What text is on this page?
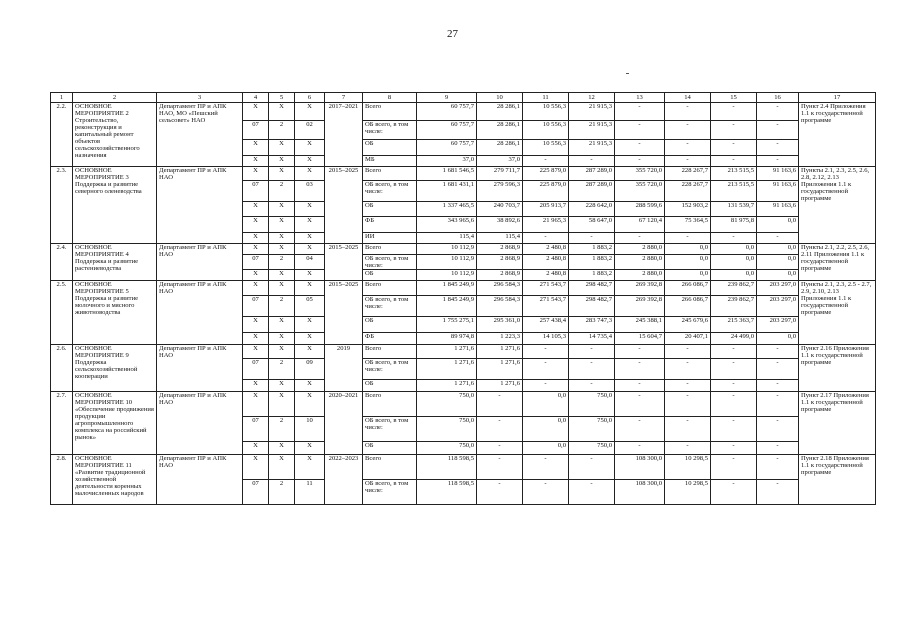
27
1	2	3	4	5	6	7	8	9	10	11	12	13	14	15	16	17
2.2.	ОСНОВНОЕ МЕРОПРИЯТИЕ 2 Строительство, реконструкция и капитальный ремонт объектов сельскохозяйственного назначения	Департамент ПР и АПК НАО, МО «Пешский сельсовет» НАО	Х	Х	Х	2017–2021	Всего	60 757,7	28 286,1	10 556,3	21 915,3	-	-	-	-	Пункт 2.4 Приложения 1.1 к государственной программе
			07	2	02		ОБ всего, в том числе:	60 757,7	28 286,1	10 556,3	21 915,3	-	-	-	-	
			Х	Х	Х		ОБ	60 757,7	28 286,1	10 556,3	21 915,3	-	-	-	-	
			Х	Х	Х		МБ	37,0	37,0	-	-	-	-	-	-	
2.3.	ОСНОВНОЕ МЕРОПРИЯТИЕ 3 Поддержка и развитие северного оленеводства	Департамент ПР и АПК НАО	Х	Х	Х	2015–2025	Всего	1 681 546,5	279 711,7	225 879,0	287 289,0	355 720,0	228 267,7	213 515,5	91 163,6	Пункты 2.1, 2.3, 2.5, 2.6, 2.8, 2.12, 2.13 Приложения 1.1 к государственной программе
			07	2	03		ОБ всего, в том числе:	1 681 431,1	279 596,3	225 879,0	287 289,0	355 720,0	228 267,7	213 515,5	91 163,6	
			Х	Х	Х		ОБ	1 337 465,5	240 703,7	205 913,7	228 642,0	288 599,6	152 903,2	131 539,7	91 163,6	
			Х	Х	Х		ФБ	343 965,6	38 892,6	21 965,3	58 647,0	67 120,4	75 364,5	81 975,8	0,0	
			Х	Х	Х		ИИ	115,4	115,4	-	-	-	-	-	-	
2.4.	ОСНОВНОЕ МЕРОПРИЯТИЕ 4 Поддержка и развитие растениеводства	Департамент ПР и АПК НАО	Х	Х	Х	2015–2025	Всего	10 112,9	2 868,9	2 480,8	1 883,2	2 880,0	0,0	0,0	0,0	Пункты 2.1, 2.2, 2.5, 2.6, 2.11 Приложения 1.1 к государственной программе
			07	2	04		ОБ всего, в том числе:	10 112,9	2 868,9	2 480,8	1 883,2	2 880,0	0,0	0,0	0,0	
			Х	Х	Х		ОБ	10 112,9	2 868,9	2 480,8	1 883,2	2 880,0	0,0	0,0	0,0	
2.5.	ОСНОВНОЕ МЕРОПРИЯТИЕ 5 Поддержка и развитие молочного и мясного животноводства	Департамент ПР и АПК НАО	Х	Х	Х	2015–2025	Всего	1 845 249,9	296 584,3	271 543,7	298 482,7	269 392,8	266 086,7	239 862,7	203 297,0	Пункты 2.1, 2.3, 2.5 - 2.7, 2.9, 2.10, 2.13 Приложения 1.1 к государственной программе
			07	2	05		ОБ всего, в том числе:	1 845 249,9	296 584,3	271 543,7	298 482,7	269 392,8	266 086,7	239 862,7	203 297,0	
			Х	Х	Х		ОБ	1 755 275,1	295 361,0	257 438,4	283 747,3	245 388,1	245 679,6	215 363,7	203 297,0	
			Х	Х	Х		ФБ	89 974,8	1 223,3	14 105,3	14 735,4	15 604,7	20 407,1	24 499,0	0,0	
2.6.	ОСНОВНОЕ МЕРОПРИЯТИЕ 9 Поддержка сельскохозяйственной кооперации	Департамент ПР и АПК НАО	Х	Х	Х	2019	Всего	1 271,6	1 271,6	-	-	-	-	-	-	Пункт 2.16 Приложения 1.1 к государственной программе
			07	2	09		ОБ всего, в том числе:	1 271,6	1 271,6	-	-	-	-	-	-	
			Х	Х	Х		ОБ	1 271,6	1 271,6	-	-	-	-	-	-	
2.7.	ОСНОВНОЕ МЕРОПРИЯТИЕ 10 «Обеспечение продвижения продукции агропромышленного комплекса на российский рынок»	Департамент ПР и АПК НАО	Х	Х	Х	2020–2021	Всего	750,0	-	0,0	750,0	-	-	-	-	Пункт 2.17 Приложения 1.1 к государственной программе
			07	2	10		ОБ всего, в том числе:	750,0	-	0,0	750,0	-	-	-	-	
			Х	Х	Х		ОБ	750,0	-	0,0	750,0	-	-	-	-	
2.8.	ОСНОВНОЕ МЕРОПРИЯТИЕ 11 «Развитие традиционной хозяйственной деятельности коренных малочисленных народов	Департамент ПР и АПК НАО	Х	Х	Х	2022–2023	Всего	118 598,5	-	-	-	108 300,0	10 298,5	-	-	Пункт 2.18 Приложения 1.1 к государственной программе
			07	2	11		ОБ всего, в том числе:	118 598,5	-	-	-	108 300,0	10 298,5	-	-	
